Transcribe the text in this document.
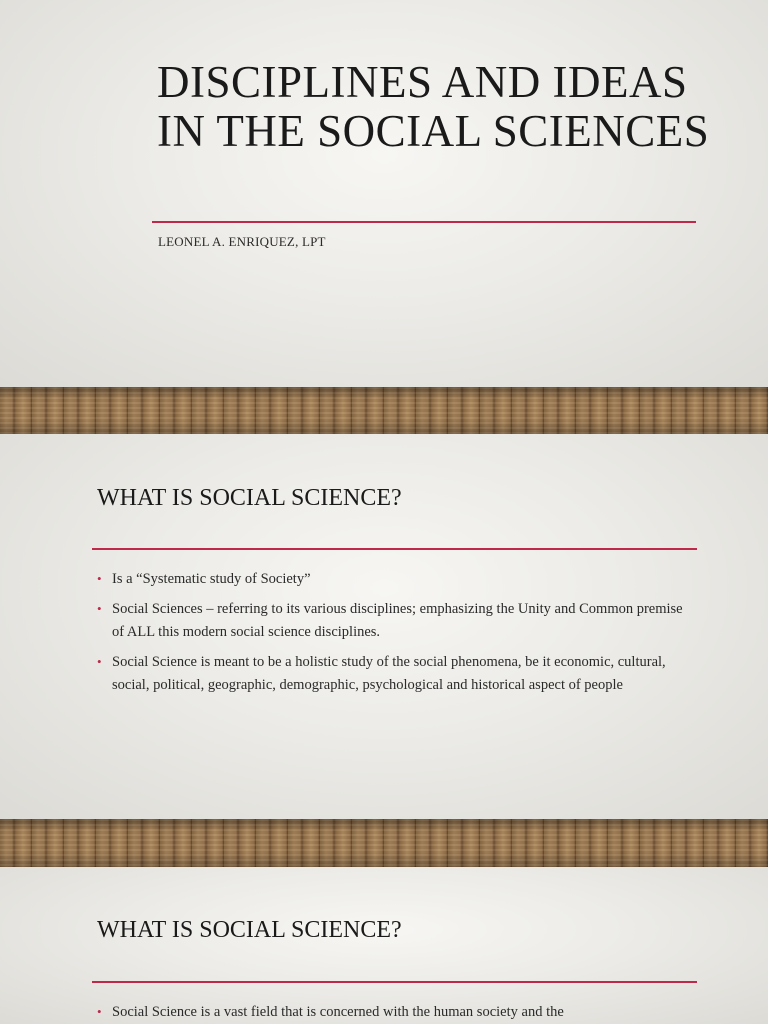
DISCIPLINES AND IDEAS IN THE SOCIAL SCIENCES
LEONEL A. ENRIQUEZ, LPT
WHAT IS SOCIAL SCIENCE?
• Is a “Systematic study of Society”
• Social Sciences – referring to its various disciplines; emphasizing the Unity and Common premise of ALL this modern social science disciplines.
• Social Science is meant to be a holistic study of the social phenomena, be it economic, cultural, social, political, geographic, demographic, psychological and historical aspect of people
WHAT IS SOCIAL SCIENCE?
• Social Science is a vast field that is concerned with the human society and the
